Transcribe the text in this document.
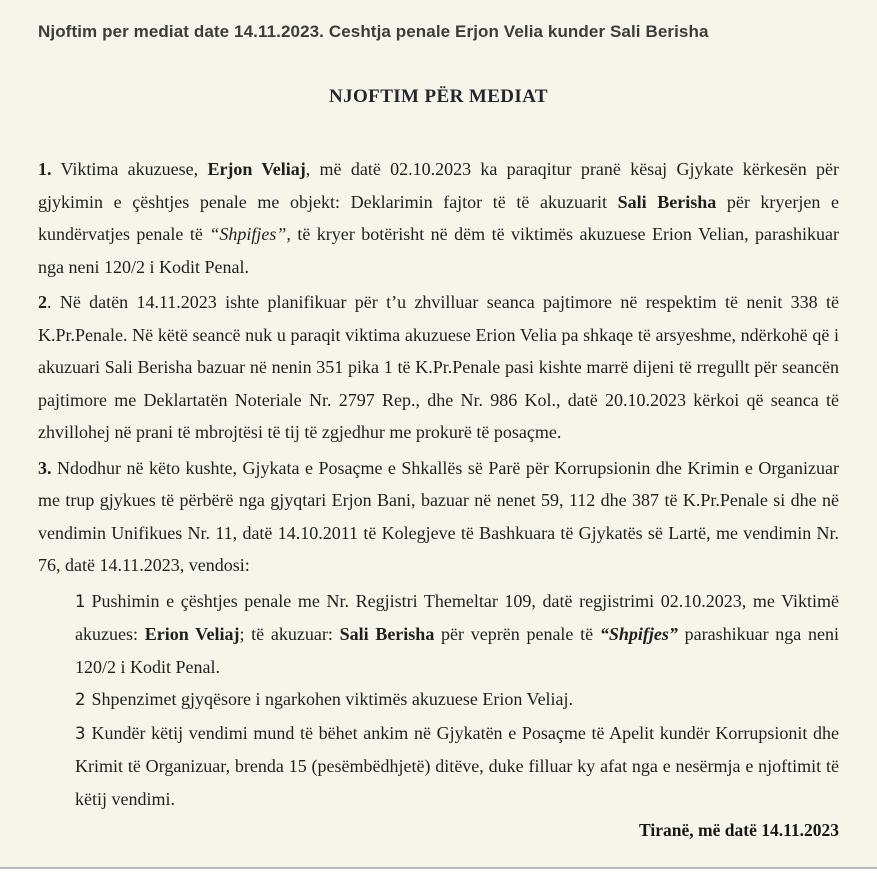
Njoftim per mediat date 14.11.2023. Ceshtja penale Erjon Velia kunder Sali Berisha
NJOFTIM PËR MEDIAT

1. Viktima akuzuese, Erjon Veliaj, më datë 02.10.2023 ka paraqitur pranë kësaj Gjykate kërkesën për gjykimin e çështjes penale me objekt: Deklarimin fajtor të të akuzuarit Sali Berisha për kryerjen e kundërvatjes penale të “Shpifjes”, të kryer botërisht në dëm të viktimës akuzuese Erion Velian, parashikuar nga neni 120/2 i Kodit Penal.

2. Në datën 14.11.2023 ishte planifikuar për t’u zhvilluar seanca pajtimore në respektim të nenit 338 të K.Pr.Penale. Në këtë seancë nuk u paraqit viktima akuzuese Erion Velia pa shkaqe të arsyeshme, ndërkohë që i akuzuari Sali Berisha bazuar në nenin 351 pika 1 të K.Pr.Penale pasi kishte marrë dijeni të rregullt për seancën pajtimore me Deklartatën Noteriale Nr. 2797 Rep., dhe Nr. 986 Kol., datë 20.10.2023 kërkoi që seanca të zhvillohej në prani të mbrojtësi të tij të zgjedhur me prokurë të posaçme.

3. Ndodhur në këto kushte, Gjykata e Posaçme e Shkallës së Parë për Korrupsionin dhe Krimin e Organizuar me trup gjykues të përbërë nga gjyqtari Erjon Bani, bazuar në nenet 59, 112 dhe 387 të K.Pr.Penale si dhe në vendimin Unifikues Nr. 11, datë 14.10.2011 të Kolegjeve të Bashkuara të Gjykatës së Lartë, me vendimin Nr. 76, datë 14.11.2023, vendosi:

1 Pushimin e çështjes penale me Nr. Regjistri Themeltar 109, datë regjistrimi 02.10.2023, me Viktimë akuzues: Erion Veliaj; të akuzuar: Sali Berisha për veprën penale të “Shpifjes” parashikuar nga neni 120/2 i Kodit Penal.

2 Shpenzimet gjyqësore i ngarkohen viktimës akuzuese Erion Veliaj.

3 Kundër këtij vendimi mund të bëhet ankim në Gjykatën e Posaçme të Apelit kundër Korrupsionit dhe Krimit të Organizuar, brenda 15 (pesëmbëdhjetë) ditëve, duke filluar ky afat nga e nesërmja e njoftimit të këtij vendimi.

Tiranë, më datë 14.11.2023
